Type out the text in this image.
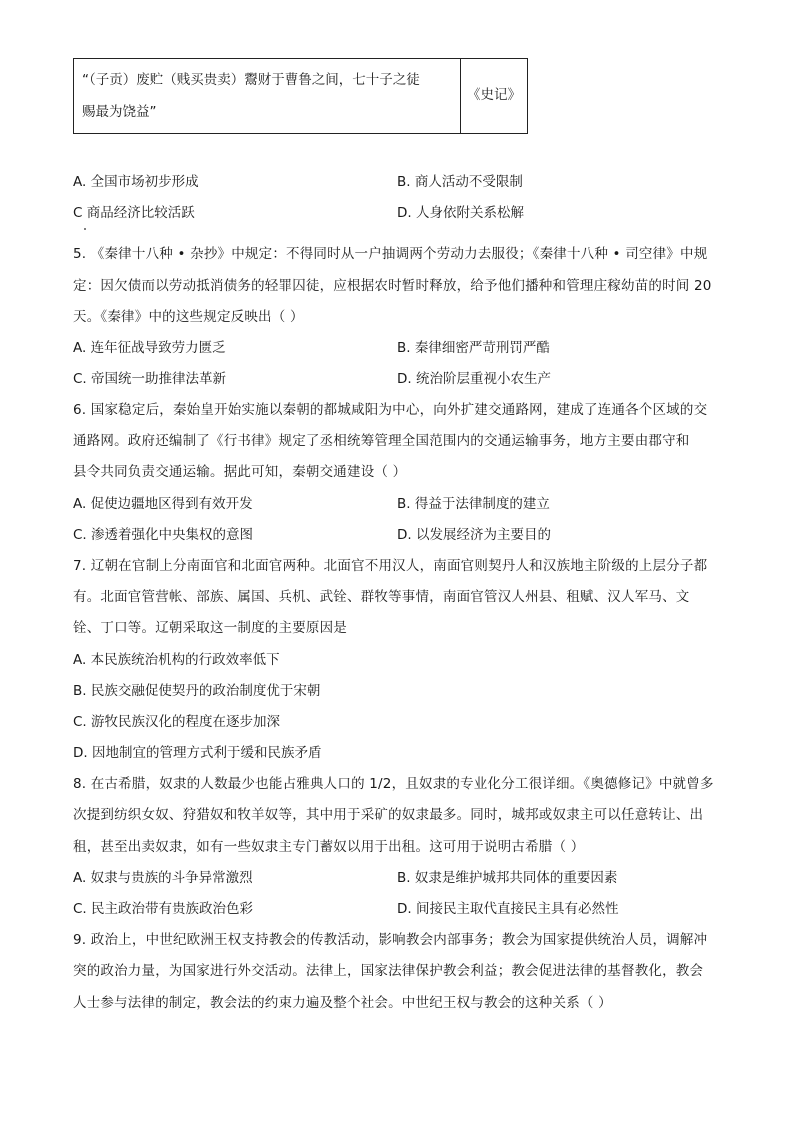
“（子贡）废贮（贱买贵卖）鬻财于曹鲁之间，七十子之徒
赐最为饶益”
	《史记》
A. 全国市场初步形成	B. 商人活动不受限制
C 商品经济比较活跃	D. 人身依附关系松解
5. 《秦律十八种 • 杂抄》中规定：不得同时从一户抽调两个劳动力去服役；《秦律十八种 • 司空律》中规
定：因欠债而以劳动抵消债务的轻罪囚徒，应根据农时暂时释放，给予他们播种和管理庄稼幼苗的时间 20
天。《秦律》中的这些规定反映出（ ）
A. 连年征战导致劳力匮乏	B. 秦律细密严苛刑罚严酷
C. 帝国统一助推律法革新	D. 统治阶层重视小农生产
6. 国家稳定后，秦始皇开始实施以秦朝的都城咸阳为中心，向外扩建交通路网，建成了连通各个区域的交
通路网。政府还编制了《行书律》规定了丞相统筹管理全国范围内的交通运输事务，地方主要由郡守和
县令共同负责交通运输。据此可知，秦朝交通建设（ ）
A. 促使边疆地区得到有效开发	B. 得益于法律制度的建立
C. 渗透着强化中央集权的意图	D. 以发展经济为主要目的
7. 辽朝在官制上分南面官和北面官两种。北面官不用汉人，南面官则契丹人和汉族地主阶级的上层分子都
有。北面官管营帐、部族、属国、兵机、武铨、群牧等事情，南面官管汉人州县、租赋、汉人军马、文
铨、丁口等。辽朝采取这一制度的主要原因是
A. 本民族统治机构的行政效率低下
B. 民族交融促使契丹的政治制度优于宋朝
C. 游牧民族汉化的程度在逐步加深
D. 因地制宜的管理方式利于缓和民族矛盾
8. 在古希腊，奴隶的人数最少也能占雅典人口的 1/2，且奴隶的专业化分工很详细。《奥德修记》中就曾多
次提到纺织女奴、狩猎奴和牧羊奴等，其中用于采矿的奴隶最多。同时，城邦或奴隶主可以任意转让、出
租，甚至出卖奴隶，如有一些奴隶主专门蓄奴以用于出租。这可用于说明古希腊（ ）
A. 奴隶与贵族的斗争异常激烈	B. 奴隶是维护城邦共同体的重要因素
C. 民主政治带有贵族政治色彩	D. 间接民主取代直接民主具有必然性
9. 政治上，中世纪欧洲王权支持教会的传教活动，影响教会内部事务；教会为国家提供统治人员，调解冲
突的政治力量，为国家进行外交活动。法律上，国家法律保护教会利益；教会促进法律的基督教化，教会
人士参与法律的制定，教会法的约束力遍及整个社会。中世纪王权与教会的这种关系（ ）
